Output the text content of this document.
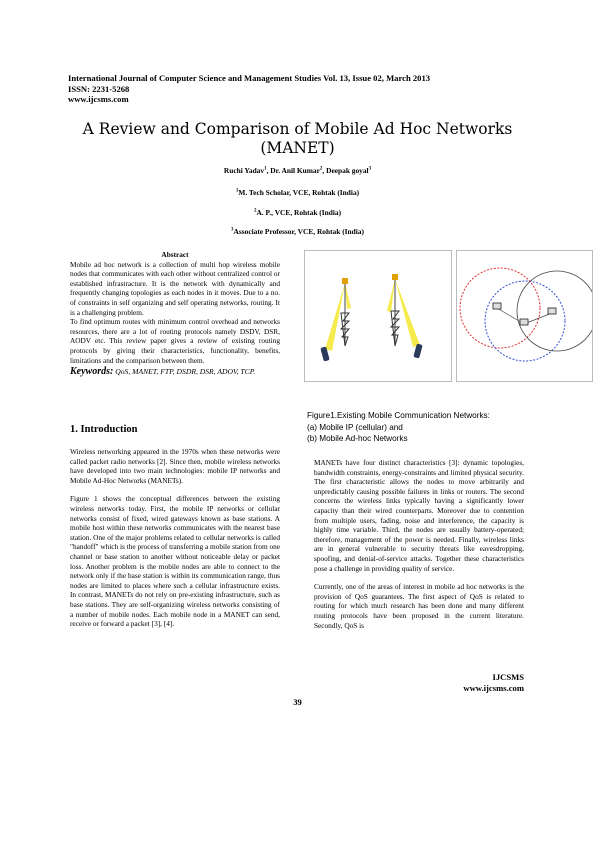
International Journal of Computer Science and Management Studies Vol. 13, Issue 02, March 2013
ISSN: 2231-5268
www.ijcsms.com
A Review and Comparison of Mobile Ad Hoc Networks
(MANET)
Ruchi Yadav$^1$, Dr. Anil Kumar$^2$, Deepak goyal$^3$
$^1$M. Tech Scholar, VCE, Rohtak (India)
$^2$A. P., VCE, Rohtak (India)
$^3$Associate Professor, VCE, Rohtak (India)
Abstract
Mobile ad hoc network is a collection of multi hop wireless mobile nodes that communicates with each other without centralized control or established infrastracture. It is the network with dynamically and frequently changing topologies as each nodes in it moves. Due to a no. of constraints in self organizing and self operating networks, routing. It is a challenging problem.
To find optimum routes with minimum control overhead and networks resources, there are a lot of routing protocols namely DSDV, DSR, AODV etc. This review paper gives a review of existing routing protocols by giving their characteristics, functionality, benefits, limitations and the comparison between them.
Keywords: QoS, MANET, FTP, DSDR, DSR, ADOV, TCP.
1. Introduction
Wireless networking appeared in the 1970s when these networks were called packet radio networks [2]. Since then, mobile wireless networks have developed into two main technologies: mobile IP networks and Mobile Ad-Hoc Networks (MANETs).
Figure 1 shows the conceptual differences between the existing wireless networks today. First, the mobile IP networks or cellular networks consist of fixed, wired gateways known as base stations. A mobile host within these networks communicates with the nearest base station. One of the major problems related to cellular networks is called "handoff" which is the process of transferring a mobile station from one channel or base station to another without noticeable delay or packet loss. Another problem is the mobile nodes are able to connect to the network only if the base station is within its communication range, thus nodes are limited to places where such a cellular infrastructure exists. In contrast, MANETs do not rely on pre-existing infrastructure, such as base stations. They are self-organizing wireless networks consisting of a number of mobile nodes. Each mobile node in a MANET can send, receive or forward a packet [3], [4].
Figure1.Existing Mobile Communication Networks:
(a) Mobile IP (cellular) and
(b) Mobile Ad-hoc Networks
MANETs have four distinct characteristics [3]: dynamic topologies, bandwidth constraints, energy-constraints and limited physical security. The first characteristic allows the nodes to move arbitrarily and unpredictably causing possible failures in links or routers. The second concerns the wireless links typically having a significantly lower capacity than their wired counterparts. Moreover due to contention from multiple users, fading, noise and interference, the capacity is highly time variable. Third, the nodes are usually battery-operated; therefore, management of the power is needed. Finally, wireless links are in general vulnerable to security threats like eavesdropping, spoofing, and denial-of-service attacks. Together these characteristics pose a challenge in providing quality of service.
Currently, one of the areas of interest in mobile ad hoc networks is the provision of QoS guarantees. The first aspect of QoS is related to routing for which much research has been done and many different routing protocols have been proposed in the current literature. Secondly, QoS is
IJCSMS
www.ijcsms.com
39
